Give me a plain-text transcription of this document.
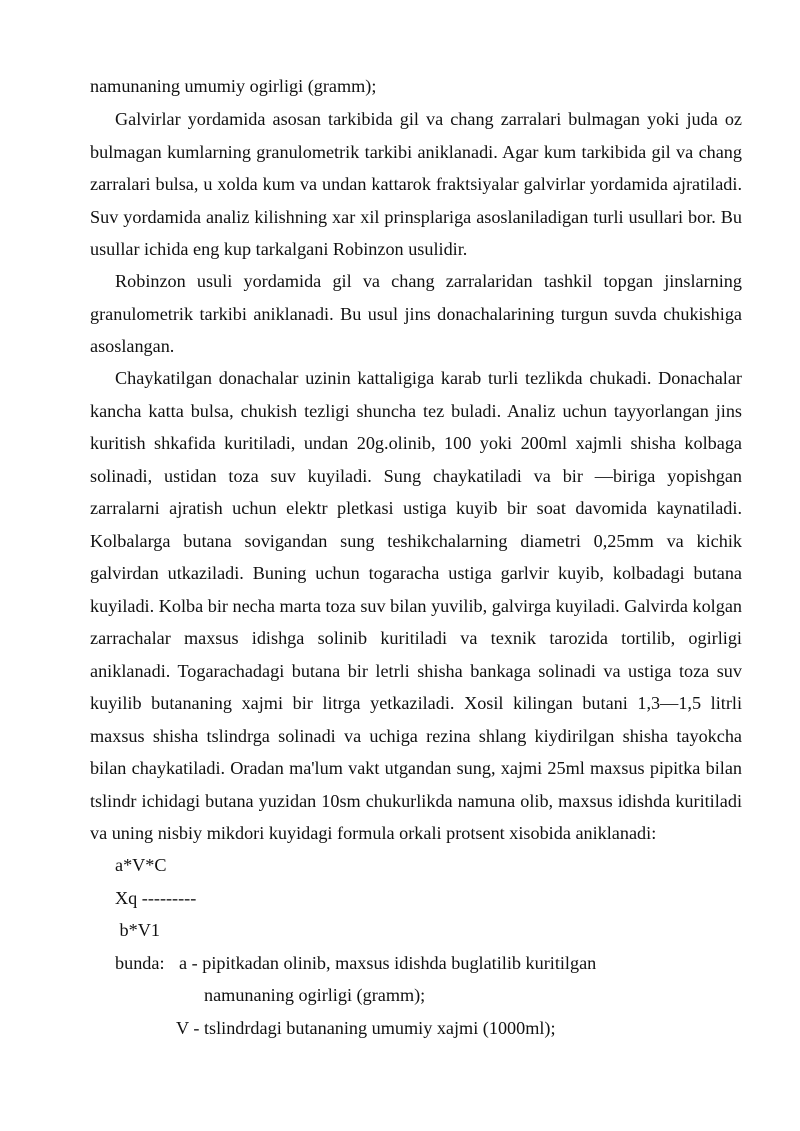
namunaning umumiy ogirligi (gramm);

Galvirlar yordamida asosan tarkibida gil va chang zarralari bulmagan yoki juda oz bulmagan kumlarning granulometrik tarkibi aniklanadi. Agar kum tarkibida gil va chang zarralari bulsa, u xolda kum va undan kattarok fraktsiyalar galvirlar yordamida ajratiladi. Suv yordamida analiz kilishning xar xil prinsplariga asoslaniladigan turli usullari bor. Bu usullar ichida eng kup tarkalgani Robinzon usulidir.

Robinzon usuli yordamida gil va chang zarralaridan tashkil topgan jinslarning granulometrik tarkibi aniklanadi. Bu usul jins donachalarining turgun suvda chukishiga asoslangan.

Chaykatilgan donachalar uzinin kattaligiga karab turli tezlikda chukadi. Donachalar kancha katta bulsa, chukish tezligi shuncha tez buladi. Analiz uchun tayyorlangan jins kuritish shkafida kuritiladi, undan 20g.olinib, 100 yoki 200ml xajmli shisha kolbaga solinadi, ustidan toza suv kuyiladi. Sung chaykatiladi va bir —biriga yopishgan zarralarni ajratish uchun elektr pletkasi ustiga kuyib bir soat davomida kaynatiladi. Kolbalarga butana sovigandan sung teshikchalarning diametri 0,25mm va kichik galvirdan utkaziladi. Buning uchun togaracha ustiga garlvir kuyib, kolbadagi butana kuyiladi. Kolba bir necha marta toza suv bilan yuvilib, galvirga kuyiladi. Galvirda kolgan zarrachalar maxsus idishga solinib kuritiladi va texnik tarozida tortilib, ogirligi aniklanadi. Togarachadagi butana bir letrli shisha bankaga solinadi va ustiga toza suv kuyilib butananing xajmi bir litrga yetkaziladi. Xosil kilingan butani 1,3—1,5 litrli maxsus shisha tslindrga solinadi va uchiga rezina shlang kiydirilgan shisha tayokcha bilan chaykatiladi. Oradan ma'lum vakt utgandan sung, xajmi 25ml maxsus pipitka bilan tslindr ichidagi butana yuzidan 10sm chukurlikda namuna olib, maxsus idishda kuritiladi va uning nisbiy mikdori kuyidagi formula orkali protsent xisobida aniklanadi:

a*V*C
Xq ---------
b*V1
bunda: a - pipitkadan olinib, maxsus idishda buglatilib kuritilgan
namunaning ogirligi (gramm);
V - tslindrdagi butananing umumiy xajmi (1000ml);
